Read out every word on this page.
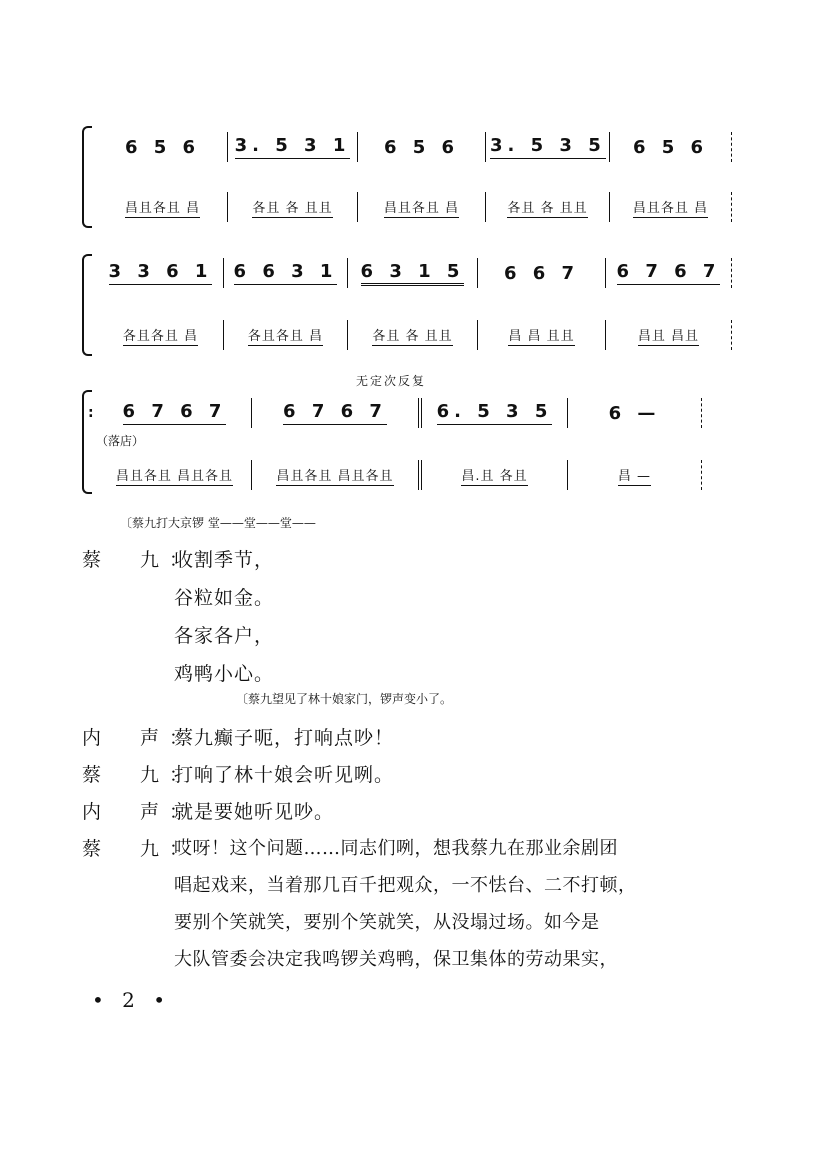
6 5 6 3. 5 3 1 6 5 6 3. 5 3 5 6 5 6
昌且各且 昌	各且 各 且且	昌且各且 昌	各且 各 且且	昌且各且 昌
3 3 6 1 6 6 3 1 6 3 1 5 6 6 7 6 7 6 7
各且各且 昌	各且各且 昌	各且 各 且且	昌 昌 且且	昌且 昌且
无定次反复
: 6 7 6 7	6 7 6 7	6. 5 3 5	6 —
（落店）
昌且各且 昌且各且	昌且各且 昌且各且	昌.且 各且	昌 —
〔蔡九打大京锣 堂——堂——堂——
蔡　九：
收割季节，
谷粒如金。
各家各户，
鸡鸭小心。
〔蔡九望见了林十娘家门，锣声变小了。
内　声：
蔡九癫子呃，打响点吵！
蔡　九：
打响了林十娘会听见咧。
内　声：
就是要她听见吵。
蔡　九：
哎呀！这个问题……同志们咧，想我蔡九在那业余剧团
唱起戏来，当着那几百千把观众，一不怯台、二不打顿，
要别个笑就笑，要别个笑就笑，从没塌过场。如今是
大队管委会决定我鸣锣关鸡鸭，保卫集体的劳动果实，
• 2 •
